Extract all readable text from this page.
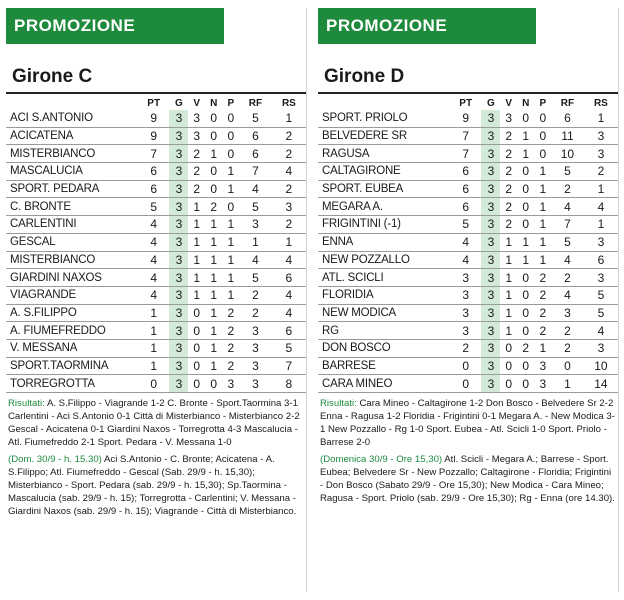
PROMOZIONE
Girone C
	PT	G	V	N	P	RF	RS
ACI S.ANTONIO	9	3	3	0	0	5	1
ACICATENA	9	3	3	0	0	6	2
MISTERBIANCO	7	3	2	1	0	6	2
MASCALUCIA	6	3	2	0	1	7	4
SPORT. PEDARA	6	3	2	0	1	4	2
C. BRONTE	5	3	1	2	0	5	3
CARLENTINI	4	3	1	1	1	3	2
GESCAL	4	3	1	1	1	1	1
MISTERBIANCO	4	3	1	1	1	4	4
GIARDINI NAXOS	4	3	1	1	1	5	6
VIAGRANDE	4	3	1	1	1	2	4
A. S.FILIPPO	1	3	0	1	2	2	4
A. FIUMEFREDDO	1	3	0	1	2	3	6
V. MESSANA	1	3	0	1	2	3	5
SPORT.TAORMINA	1	3	0	1	2	3	7
TORREGROTTA	0	3	0	0	3	3	8

Risultati: A. S.Filippo - Viagrande 1-2 C. Bronte - Sport.Taormina 3-1 Carlentini - Aci S.Antonio 0-1 Città di Misterbianco - Misterbianco 2-2 Gescal - Acicatena 0-1 Giardini Naxos - Torregrotta 4-3 Mascalucia - Atl. Fiumefreddo 2-1 Sport. Pedara - V. Messana 1-0

(Dom. 30/9 - h. 15.30) Aci S.Antonio - C. Bronte; Acicatena - A. S.Filippo; Atl. Fiumefreddo - Gescal (Sab. 29/9 - h. 15,30); Misterbianco - Sport. Pedara (sab. 29/9 - h. 15,30); Sp.Taormina - Mascalucia (sab. 29/9 - h. 15); Torregrotta - Carlentini; V. Messana - Giardini Naxos (sab. 29/9 - h. 15); Viagrande - Città di Misterbianco.

PROMOZIONE
Girone D
	PT	G	V	N	P	RF	RS
SPORT. PRIOLO	9	3	3	0	0	6	1
BELVEDERE SR	7	3	2	1	0	11	3
RAGUSA	7	3	2	1	0	10	3
CALTAGIRONE	6	3	2	0	1	5	2
SPORT. EUBEA	6	3	2	0	1	2	1
MEGARA A.	6	3	2	0	1	4	4
FRIGINTINI (-1)	5	3	2	0	1	7	1
ENNA	4	3	1	1	1	5	3
NEW POZZALLO	4	3	1	1	1	4	6
ATL. SCICLI	3	3	1	0	2	2	3
FLORIDIA	3	3	1	0	2	4	5
NEW MODICA	3	3	1	0	2	3	5
RG	3	3	1	0	2	2	4
DON BOSCO	2	3	0	2	1	2	3
BARRESE	0	3	0	0	3	0	10
CARA MINEO	0	3	0	0	3	1	14

Risultati: Cara Mineo - Caltagirone 1-2 Don Bosco - Belvedere Sr 2-2 Enna - Ragusa 1-2 Floridia - Frigintini 0-1 Megara A. - New Modica 3-1 New Pozzallo - Rg 1-0 Sport. Eubea - Atl. Scicli 1-0 Sport. Priolo - Barrese 2-0

(Domenica 30/9 - Ore 15,30) Atl. Scicli - Megara A.; Barrese - Sport. Eubea; Belvedere Sr - New Pozzallo; Caltagirone - Floridia; Frigintini - Don Bosco (Sabato 29/9 - Ore 15,30); New Modica - Cara Mineo; Ragusa - Sport. Priolo (sab. 29/9 - Ore 15,30); Rg - Enna (ore 14.30).
